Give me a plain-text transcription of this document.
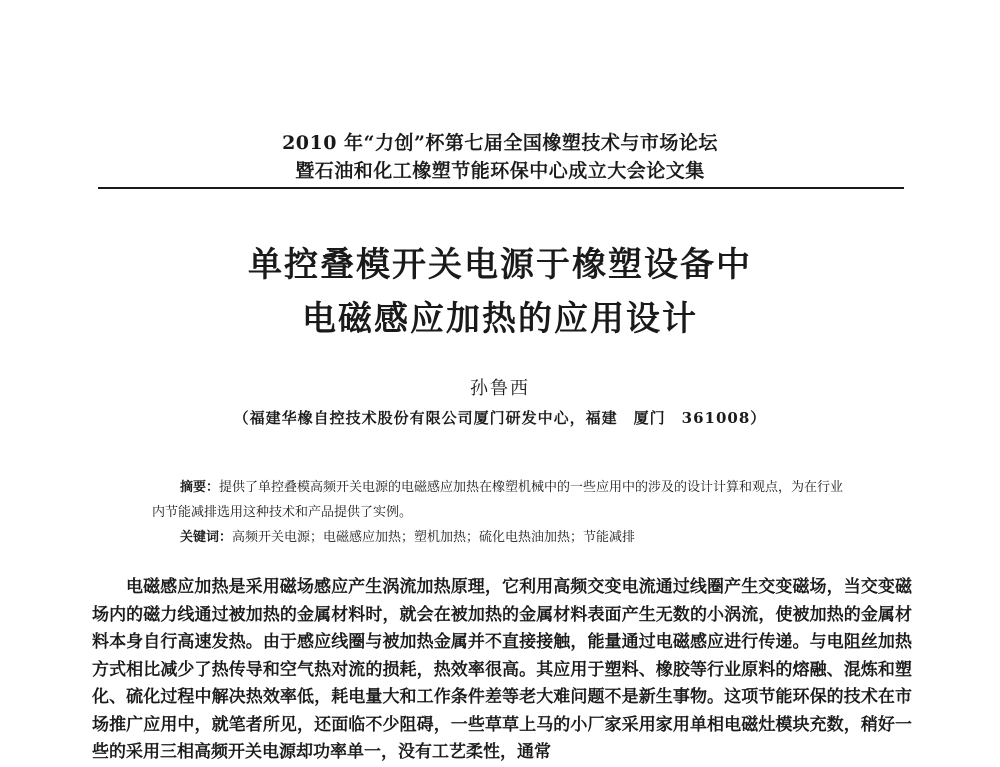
2010 年“力创”杯第七届全国橡塑技术与市场论坛
暨石油和化工橡塑节能环保中心成立大会论文集
单控叠模开关电源于橡塑设备中
电磁感应加热的应用设计
孙鲁西
（福建华橡自控技术股份有限公司厦门研发中心，福建　厦门　361008）

摘要：提供了单控叠模高频开关电源的电磁感应加热在橡塑机械中的一些应用中的涉及的设计计算和观点，为在行业内节能减排选用这种技术和产品提供了实例。

关键词：高频开关电源；电磁感应加热；塑机加热；硫化电热油加热；节能减排

电磁感应加热是采用磁场感应产生涡流加热原理，它利用高频交变电流通过线圈产生交变磁场，当交变磁场内的磁力线通过被加热的金属材料时，就会在被加热的金属材料表面产生无数的小涡流，使被加热的金属材料本身自行高速发热。由于感应线圈与被加热金属并不直接接触，能量通过电磁感应进行传递。与电阻丝加热方式相比减少了热传导和空气热对流的损耗，热效率很高。其应用于塑料、橡胶等行业原料的熔融、混炼和塑化、硫化过程中解决热效率低，耗电量大和工作条件差等老大难问题不是新生事物。这项节能环保的技术在市场推广应用中，就笔者所见，还面临不少阻碍，一些草草上马的小厂家采用家用单相电磁灶模块充数，稍好一些的采用三相高频开关电源却功率单一，没有工艺柔性，通常
